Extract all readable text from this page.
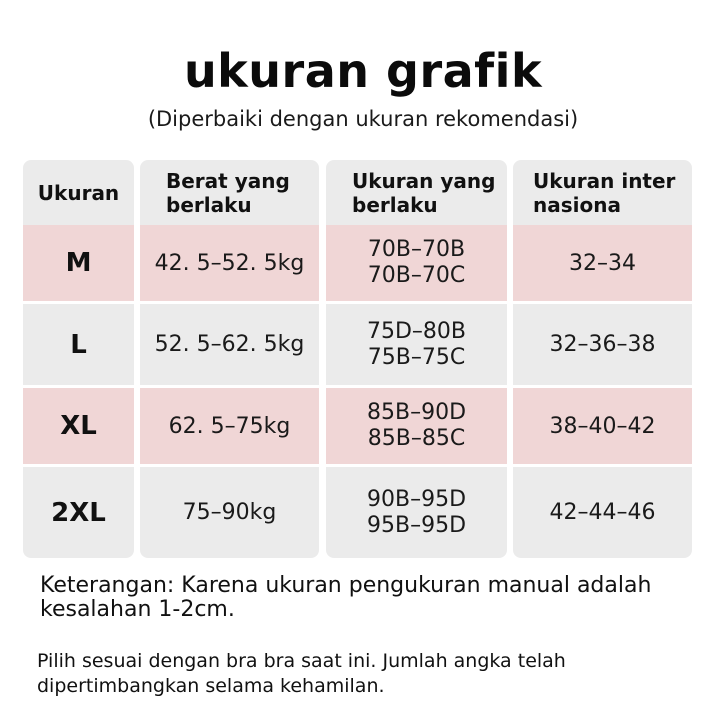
ukuran grafik
(Diperbaiki dengan ukuran rekomendasi)
Ukuran
M
L
XL
2XL
Berat yang berlaku
42. 5–52. 5kg
52. 5–62. 5kg
62. 5–75kg
75–90kg
Ukuran yang berlaku
70B–70B
70B–70C
75D–80B
75B–75C
85B–90D
85B–85C
90B–95D
95B–95D
Ukuran internasiona
32–34
32–36–38
38–40–42
42–44–46
Keterangan: Karena ukuran pengukuran manual adalah kesalahan 1-2cm.
Pilih sesuai dengan bra bra saat ini. Jumlah angka telah dipertimbangkan selama kehamilan.
